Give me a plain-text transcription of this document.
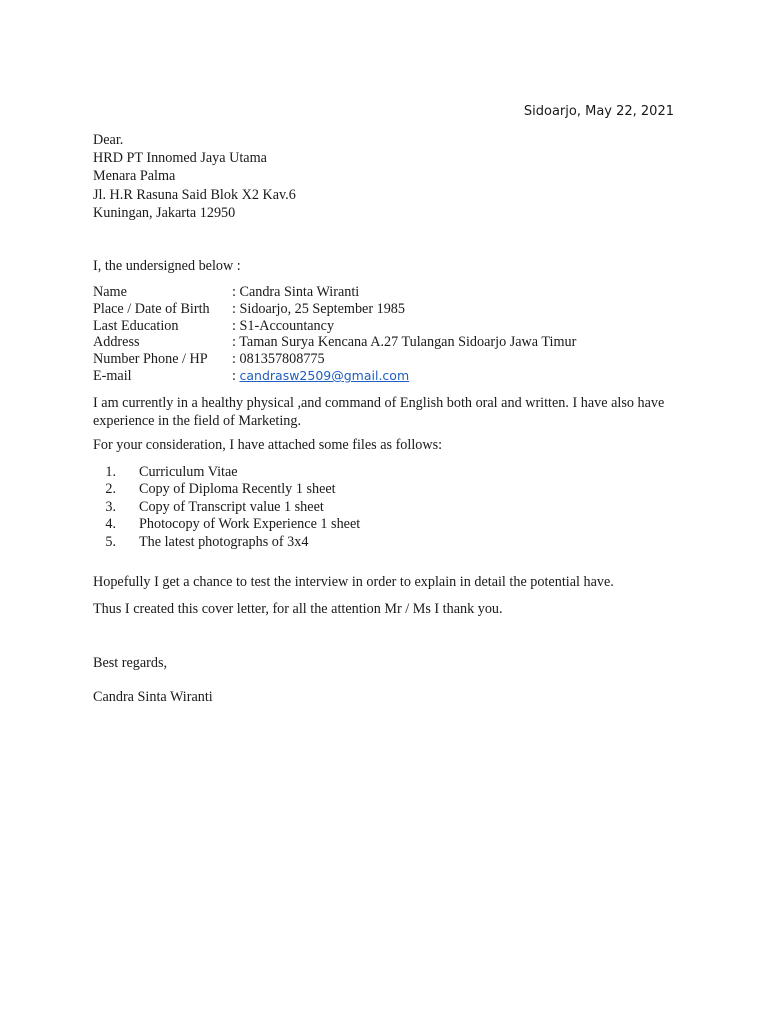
Sidoarjo, May 22, 2021
Dear.
HRD PT Innomed Jaya Utama
Menara Palma
Jl. H.R Rasuna Said Blok X2 Kav.6
Kuningan, Jakarta 12950
I, the undersigned below :
Name	: Candra Sinta Wiranti
Place / Date of Birth	: Sidoarjo, 25 September 1985
Last Education	: S1-Accountancy
Address	: Taman Surya Kencana A.27 Tulangan Sidoarjo Jawa Timur
Number Phone / HP	: 081357808775
E-mail	: candrasw2509@gmail.com
I am currently in a healthy physical ,and command of English both oral and written. I have also have experience in the field of Marketing.
For your consideration, I have attached some files as follows:
1. Curriculum Vitae
2. Copy of Diploma Recently 1 sheet
3. Copy of Transcript value 1 sheet
4. Photocopy of Work Experience 1 sheet
5. The latest photographs of 3x4
Hopefully I get a chance to test the interview in order to explain in detail the potential have.
Thus I created this cover letter, for all the attention Mr / Ms I thank you.
Best regards,
Candra Sinta Wiranti
